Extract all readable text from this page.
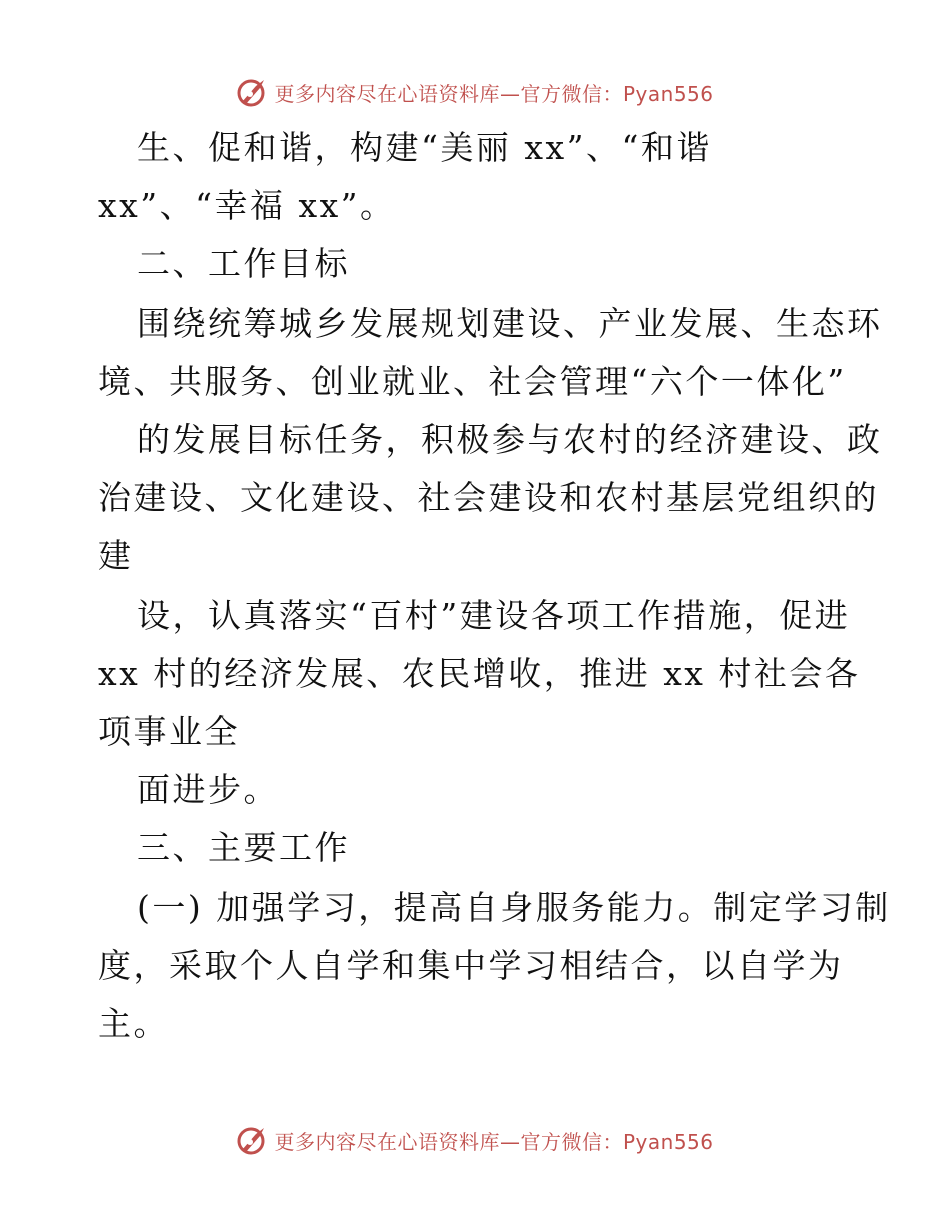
更多内容尽在心语资料库—官方微信：Pyan556
生、促和谐，构建“美丽 xx”、“和谐
xx”、“幸福 xx”。
二、工作目标
围绕统筹城乡发展规划建设、产业发展、生态环
境、共服务、创业就业、社会管理“六个一体化”
的发展目标任务，积极参与农村的经济建设、政
治建设、文化建设、社会建设和农村基层党组织的
建
设，认真落实“百村”建设各项工作措施，促进
xx 村的经济发展、农民增收，推进 xx 村社会各
项事业全
面进步。
三、主要工作
(一) 加强学习，提高自身服务能力。制定学习制
度，采取个人自学和集中学习相结合，以自学为
主。
更多内容尽在心语资料库—官方微信：Pyan556
